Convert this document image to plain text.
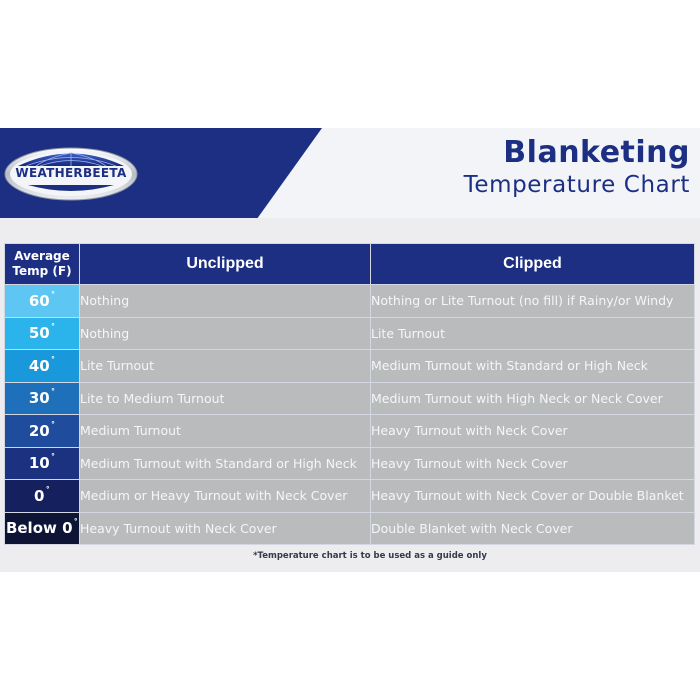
WEATHERBEETA
Blanketing
Temperature Chart
Average
Temp (F)	Unclipped	Clipped
60˚	Nothing	Nothing or Lite Turnout (no fill) if Rainy/or Windy
50˚	Nothing	Lite Turnout
40˚	Lite Turnout	Medium Turnout with Standard or High Neck
30˚	Lite to Medium Turnout	Medium Turnout with High Neck or Neck Cover
20˚	Medium Turnout	Heavy Turnout with Neck Cover
10˚	Medium Turnout with Standard or High Neck	Heavy Turnout with Neck Cover
0˚	Medium or Heavy Turnout with Neck Cover	Heavy Turnout with Neck Cover or Double Blanket
Below 0˚	Heavy Turnout with Neck Cover	Double Blanket with Neck Cover
*Temperature chart is to be used as a guide only
